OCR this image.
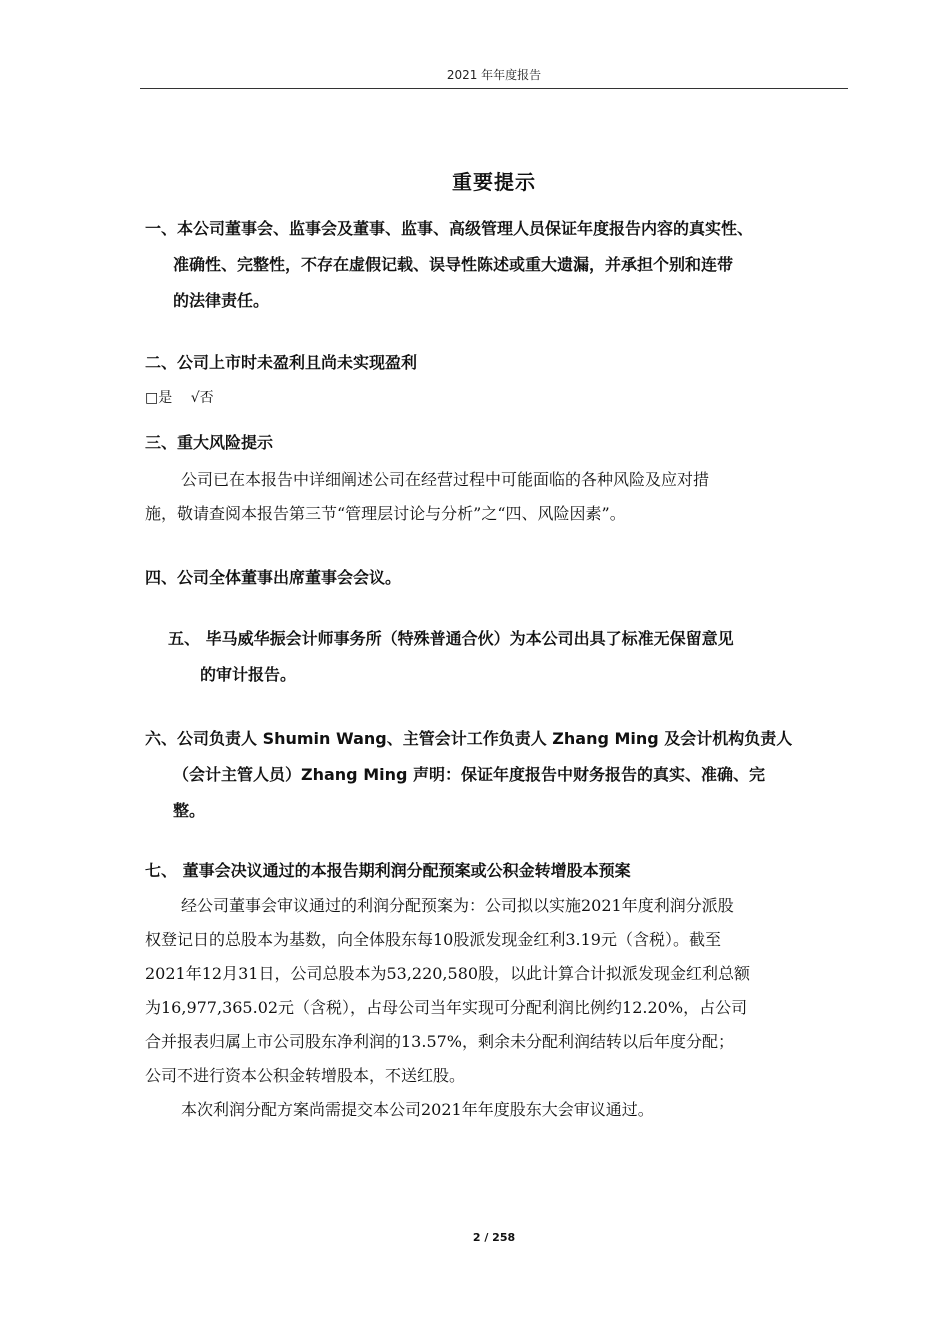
2021 年年度报告
重要提示
一、本公司董事会、监事会及董事、监事、高级管理人员保证年度报告内容的真实性、
准确性、完整性，不存在虚假记载、误导性陈述或重大遗漏，并承担个别和连带
的法律责任。
二、公司上市时未盈利且尚未实现盈利
□是 √否
三、重大风险提示
公司已在本报告中详细阐述公司在经营过程中可能面临的各种风险及应对措
施，敬请查阅本报告第三节“管理层讨论与分析”之“四、风险因素”。
四、公司全体董事出席董事会会议。
五、 毕马威华振会计师事务所（特殊普通合伙）为本公司出具了标准无保留意见
的审计报告。
六、公司负责人 Shumin Wang、主管会计工作负责人 Zhang Ming 及会计机构负责人
（会计主管人员）Zhang Ming 声明：保证年度报告中财务报告的真实、准确、完
整。
七、 董事会决议通过的本报告期利润分配预案或公积金转增股本预案
经公司董事会审议通过的利润分配预案为：公司拟以实施2021年度利润分派股
权登记日的总股本为基数，向全体股东每10股派发现金红利3.19元（含税）。截至
2021年12月31日，公司总股本为53,220,580股，以此计算合计拟派发现金红利总额
为16,977,365.02元（含税），占母公司当年实现可分配利润比例约12.20%，占公司
合并报表归属上市公司股东净利润的13.57%，剩余未分配利润结转以后年度分配；
公司不进行资本公积金转增股本，不送红股。
本次利润分配方案尚需提交本公司2021年年度股东大会审议通过。
2 / 258
